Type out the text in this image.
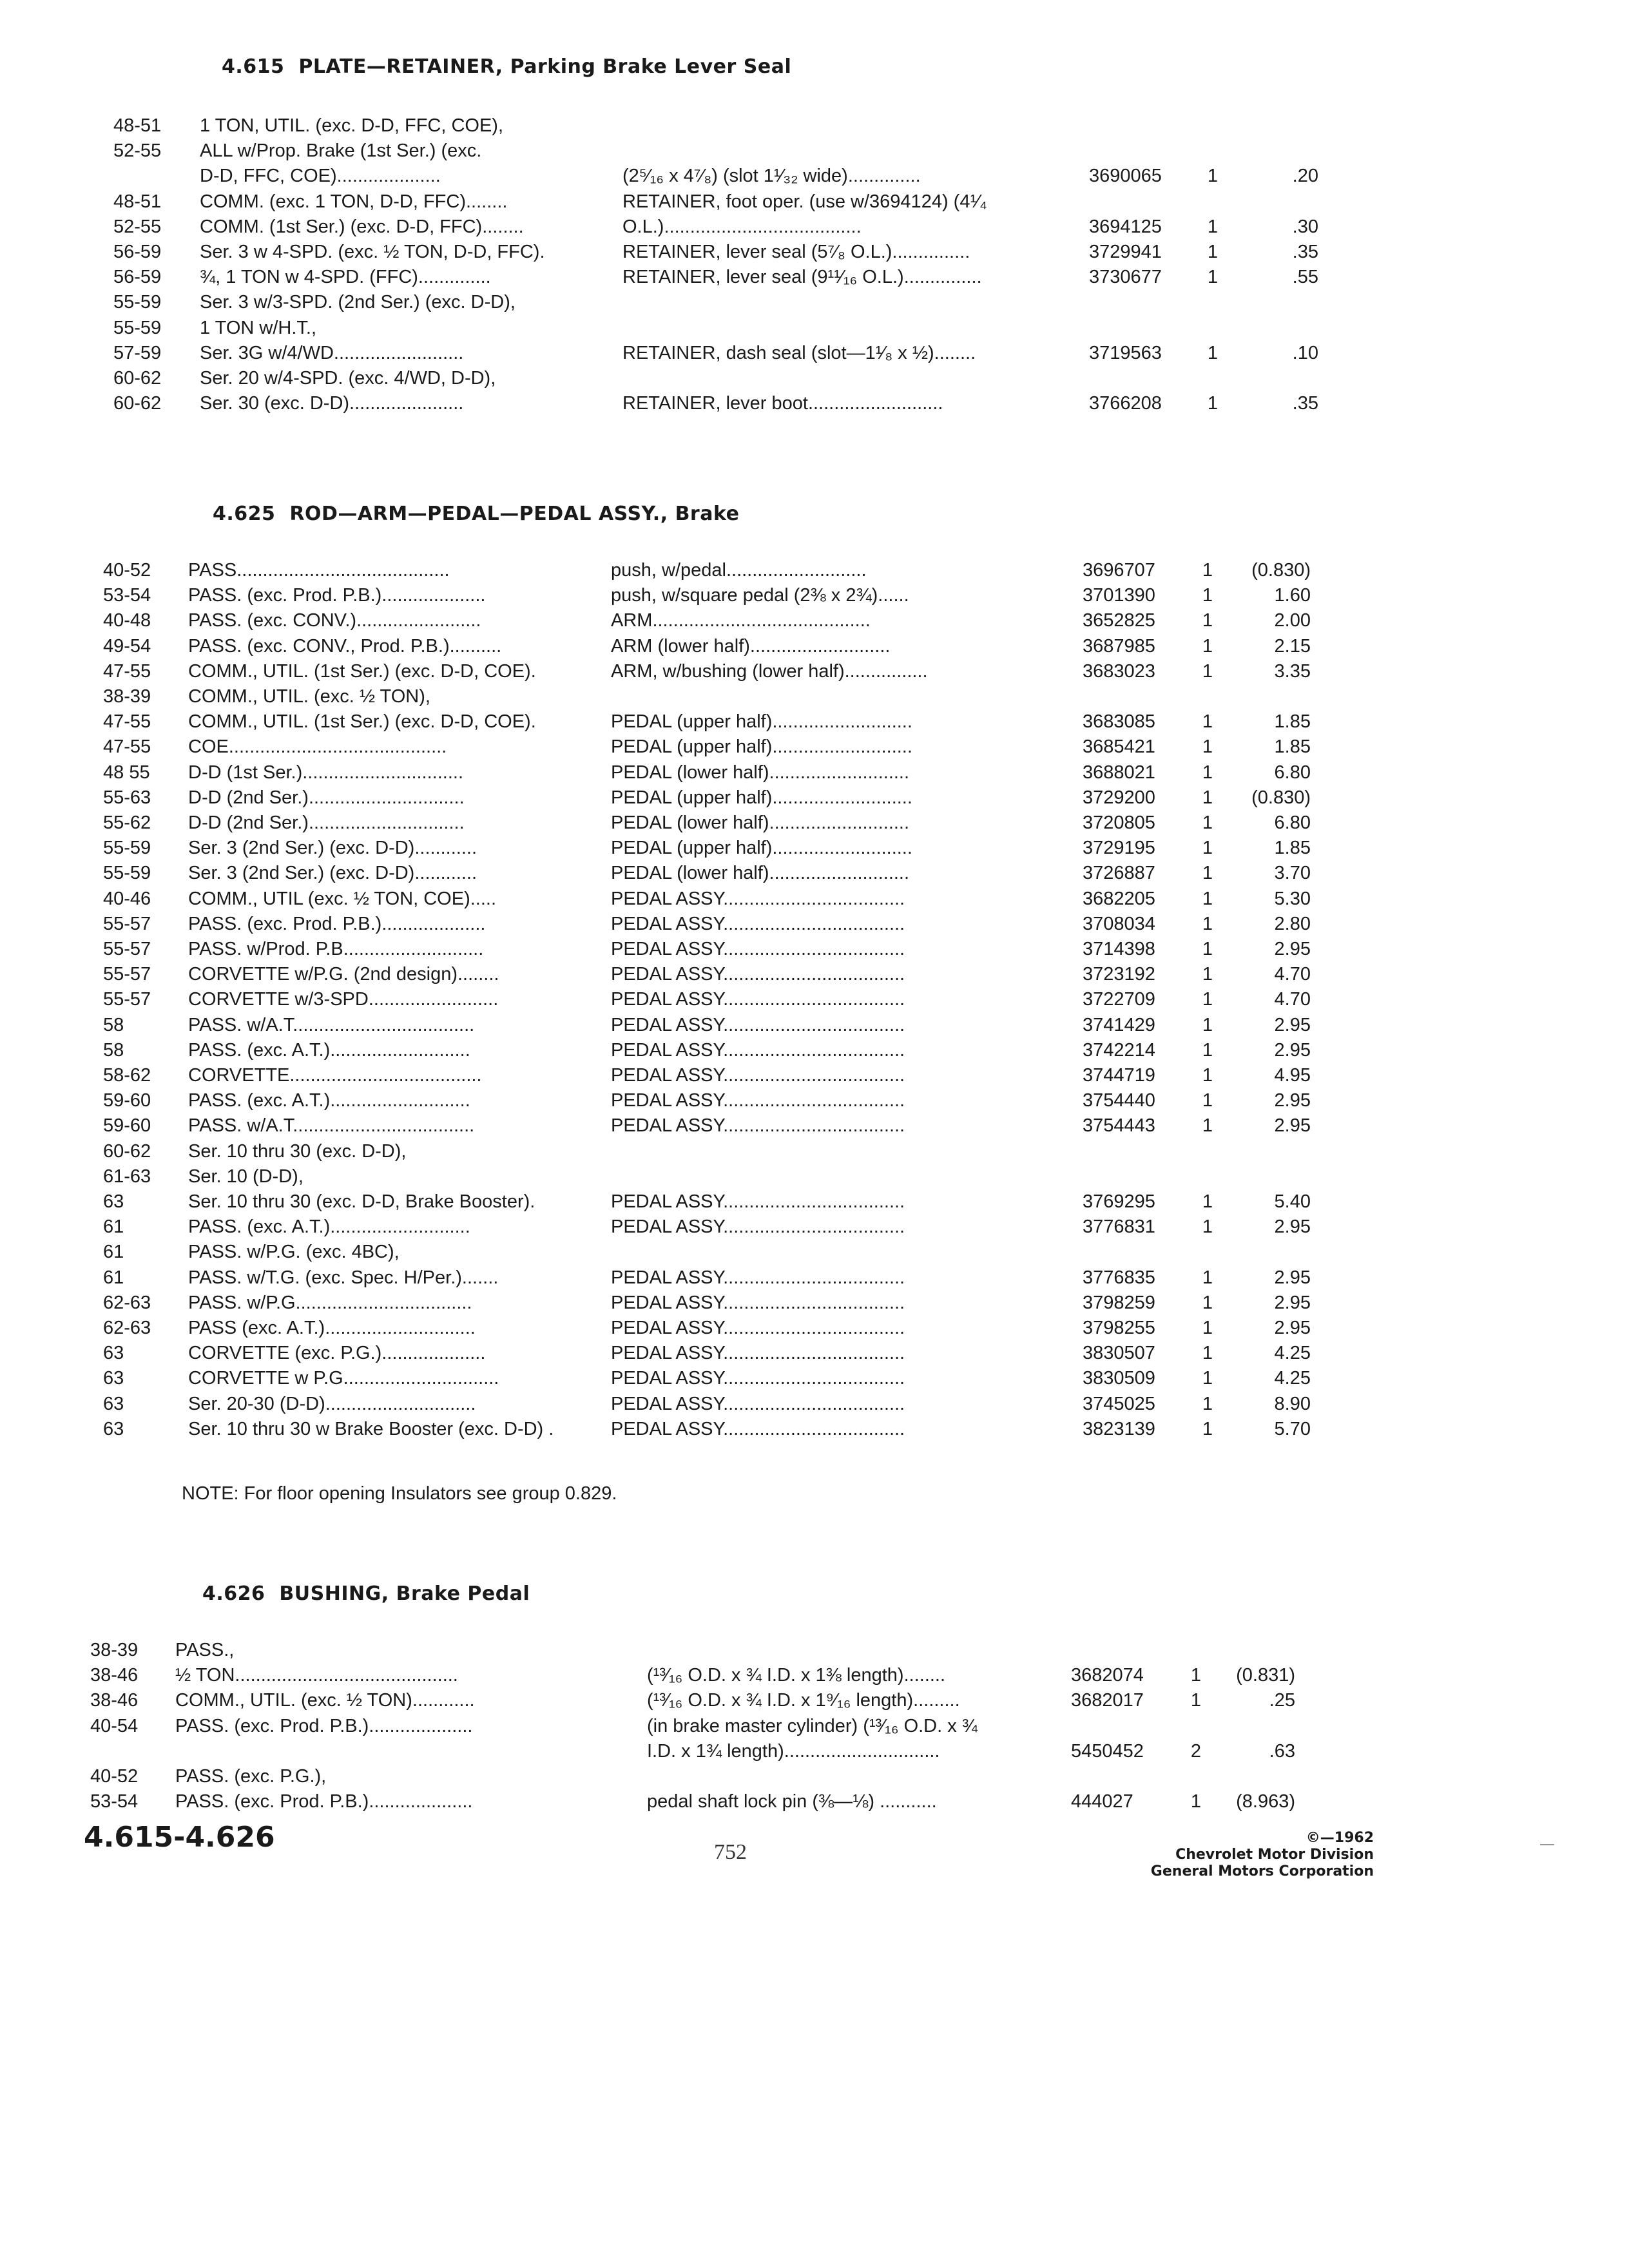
4.615 PLATE—RETAINER, Parking Brake Lever Seal
48-51	1 TON, UTIL. (exc. D-D, FFC, COE),
52-55	ALL w/Prop. Brake (1st Ser.) (exc.
D-D, FFC, COE)....................	(2⁵⁄₁₆ x 4⁷⁄₈) (slot 1¹⁄₃₂ wide)..............	3690065	1	.20
48-51	COMM. (exc. 1 TON, D-D, FFC)........	RETAINER, foot oper. (use w/3694124) (4¹⁄₄
52-55	COMM. (1st Ser.) (exc. D-D, FFC)........	O.L.)......................................	3694125	1	.30
56-59	Ser. 3 w 4-SPD. (exc. ½ TON, D-D, FFC).	RETAINER, lever seal (5⁷⁄₈ O.L.)...............	3729941	1	.35
56-59	¾, 1 TON w 4-SPD. (FFC)..............	RETAINER, lever seal (9¹¹⁄₁₆ O.L.)...............	3730677	1	.55
55-59	Ser. 3 w/3-SPD. (2nd Ser.) (exc. D-D),
55-59	1 TON w/H.T.,
57-59	Ser. 3G w/4/WD.........................	RETAINER, dash seal (slot—1¹⁄₈ x ½)........	3719563	1	.10
60-62	Ser. 20 w/4-SPD. (exc. 4/WD, D-D),
60-62	Ser. 30 (exc. D-D)......................	RETAINER, lever boot..........................	3766208	1	.35
4.625 ROD—ARM—PEDAL—PEDAL ASSY., Brake
40-52	PASS.........................................	push, w/pedal...........................	3696707	1	(0.830)
53-54	PASS. (exc. Prod. P.B.)....................	push, w/square pedal (2⅜ x 2¾)......	3701390	1	1.60
40-48	PASS. (exc. CONV.)........................	ARM..........................................	3652825	1	2.00
49-54	PASS. (exc. CONV., Prod. P.B.)..........	ARM (lower half)...........................	3687985	1	2.15
47-55	COMM., UTIL. (1st Ser.) (exc. D-D, COE).	ARM, w/bushing (lower half)................	3683023	1	3.35
38-39	COMM., UTIL. (exc. ½ TON),
47-55	COMM., UTIL. (1st Ser.) (exc. D-D, COE).	PEDAL (upper half)...........................	3683085	1	1.85
47-55	COE..........................................	PEDAL (upper half)...........................	3685421	1	1.85
48 55	D-D (1st Ser.)...............................	PEDAL (lower half)...........................	3688021	1	6.80
55-63	D-D (2nd Ser.)..............................	PEDAL (upper half)...........................	3729200	1	(0.830)
55-62	D-D (2nd Ser.)..............................	PEDAL (lower half)...........................	3720805	1	6.80
55-59	Ser. 3 (2nd Ser.) (exc. D-D)............	PEDAL (upper half)...........................	3729195	1	1.85
55-59	Ser. 3 (2nd Ser.) (exc. D-D)............	PEDAL (lower half)...........................	3726887	1	3.70
40-46	COMM., UTIL (exc. ½ TON, COE).....	PEDAL ASSY...................................	3682205	1	5.30
55-57	PASS. (exc. Prod. P.B.)....................	PEDAL ASSY...................................	3708034	1	2.80
55-57	PASS. w/Prod. P.B...........................	PEDAL ASSY...................................	3714398	1	2.95
55-57	CORVETTE w/P.G. (2nd design)........	PEDAL ASSY...................................	3723192	1	4.70
55-57	CORVETTE w/3-SPD.........................	PEDAL ASSY...................................	3722709	1	4.70
58	PASS. w/A.T...................................	PEDAL ASSY...................................	3741429	1	2.95
58	PASS. (exc. A.T.)...........................	PEDAL ASSY...................................	3742214	1	2.95
58-62	CORVETTE.....................................	PEDAL ASSY...................................	3744719	1	4.95
59-60	PASS. (exc. A.T.)...........................	PEDAL ASSY...................................	3754440	1	2.95
59-60	PASS. w/A.T...................................	PEDAL ASSY...................................	3754443	1	2.95
60-62	Ser. 10 thru 30 (exc. D-D),
61-63	Ser. 10 (D-D),
63	Ser. 10 thru 30 (exc. D-D, Brake Booster).	PEDAL ASSY...................................	3769295	1	5.40
61	PASS. (exc. A.T.)...........................	PEDAL ASSY...................................	3776831	1	2.95
61	PASS. w/P.G. (exc. 4BC),
61	PASS. w/T.G. (exc. Spec. H/Per.).......	PEDAL ASSY...................................	3776835	1	2.95
62-63	PASS. w/P.G..................................	PEDAL ASSY...................................	3798259	1	2.95
62-63	PASS (exc. A.T.).............................	PEDAL ASSY...................................	3798255	1	2.95
63	CORVETTE (exc. P.G.)....................	PEDAL ASSY...................................	3830507	1	4.25
63	CORVETTE w P.G..............................	PEDAL ASSY...................................	3830509	1	4.25
63	Ser. 20-30 (D-D).............................	PEDAL ASSY...................................	3745025	1	8.90
63	Ser. 10 thru 30 w Brake Booster (exc. D-D) .	PEDAL ASSY...................................	3823139	1	5.70
NOTE: For floor opening Insulators see group 0.829.
4.626 BUSHING, Brake Pedal
38-39	PASS.,
38-46	½ TON...........................................	(¹³⁄₁₆ O.D. x ¾ I.D. x 1⅜ length)........	3682074	1	(0.831)
38-46	COMM., UTIL. (exc. ½ TON)............	(¹³⁄₁₆ O.D. x ¾ I.D. x 1⁹⁄₁₆ length).........	3682017	1	.25
40-54	PASS. (exc. Prod. P.B.)....................	(in brake master cylinder) (¹³⁄₁₆ O.D. x ¾
I.D. x 1¾ length)..............................	5450452	2	.63
40-52	PASS. (exc. P.G.),
53-54	PASS. (exc. Prod. P.B.)....................	pedal shaft lock pin (⅜—⅛) ...........	444027	1	(8.963)
4.615-4.626	752
©—1962
Chevrolet Motor Division
General Motors Corporation
